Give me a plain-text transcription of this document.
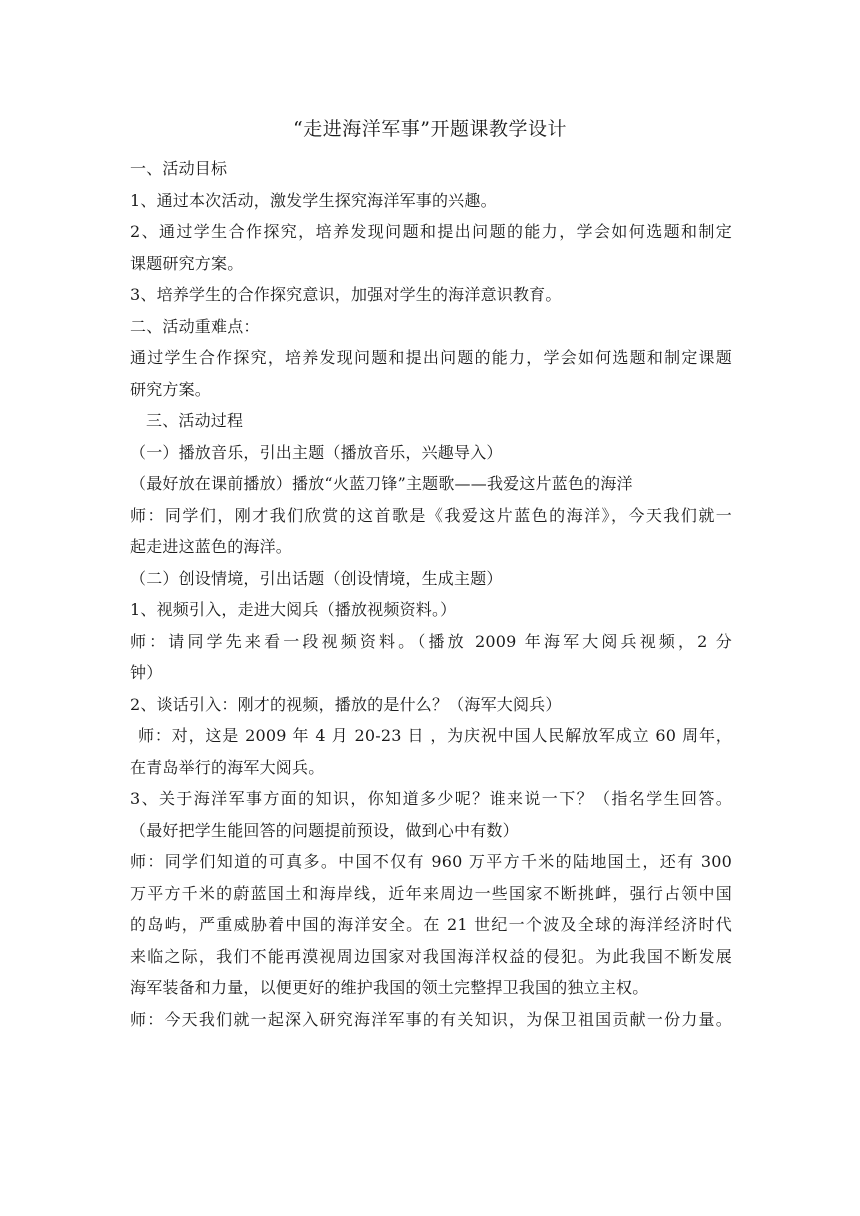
“走进海洋军事”开题课教学设计
一、活动目标
1、通过本次活动，激发学生探究海洋军事的兴趣。
2、通过学生合作探究，培养发现问题和提出问题的能力，学会如何选题和制定
课题研究方案。
3、培养学生的合作探究意识，加强对学生的海洋意识教育。
二、活动重难点：
通过学生合作探究，培养发现问题和提出问题的能力，学会如何选题和制定课题
研究方案。
三、活动过程
（一）播放音乐，引出主题（播放音乐，兴趣导入）
（最好放在课前播放）播放“火蓝刀锋”主题歌——我爱这片蓝色的海洋
师：同学们，刚才我们欣赏的这首歌是《我爱这片蓝色的海洋》，今天我们就一
起走进这蓝色的海洋。
（二）创设情境，引出话题（创设情境，生成主题）
1、视频引入，走进大阅兵（播放视频资料。）
师：请同学先来看一段视频资料。（播放 2009 年海军大阅兵视频，2 分
钟）
2、谈话引入：刚才的视频，播放的是什么？（海军大阅兵）
师：对，这是 2009 年 4 月 20-23 日 ，为庆祝中国人民解放军成立 60 周年，
在青岛举行的海军大阅兵。
3、关于海洋军事方面的知识，你知道多少呢？谁来说一下？（指名学生回答。
（最好把学生能回答的问题提前预设，做到心中有数）
师：同学们知道的可真多。中国不仅有 960 万平方千米的陆地国土，还有 300
万平方千米的蔚蓝国土和海岸线，近年来周边一些国家不断挑衅，强行占领中国
的岛屿，严重威胁着中国的海洋安全。在 21 世纪一个波及全球的海洋经济时代
来临之际，我们不能再漠视周边国家对我国海洋权益的侵犯。为此我国不断发展
海军装备和力量，以便更好的维护我国的领土完整捍卫我国的独立主权。
师：今天我们就一起深入研究海洋军事的有关知识，为保卫祖国贡献一份力量。
